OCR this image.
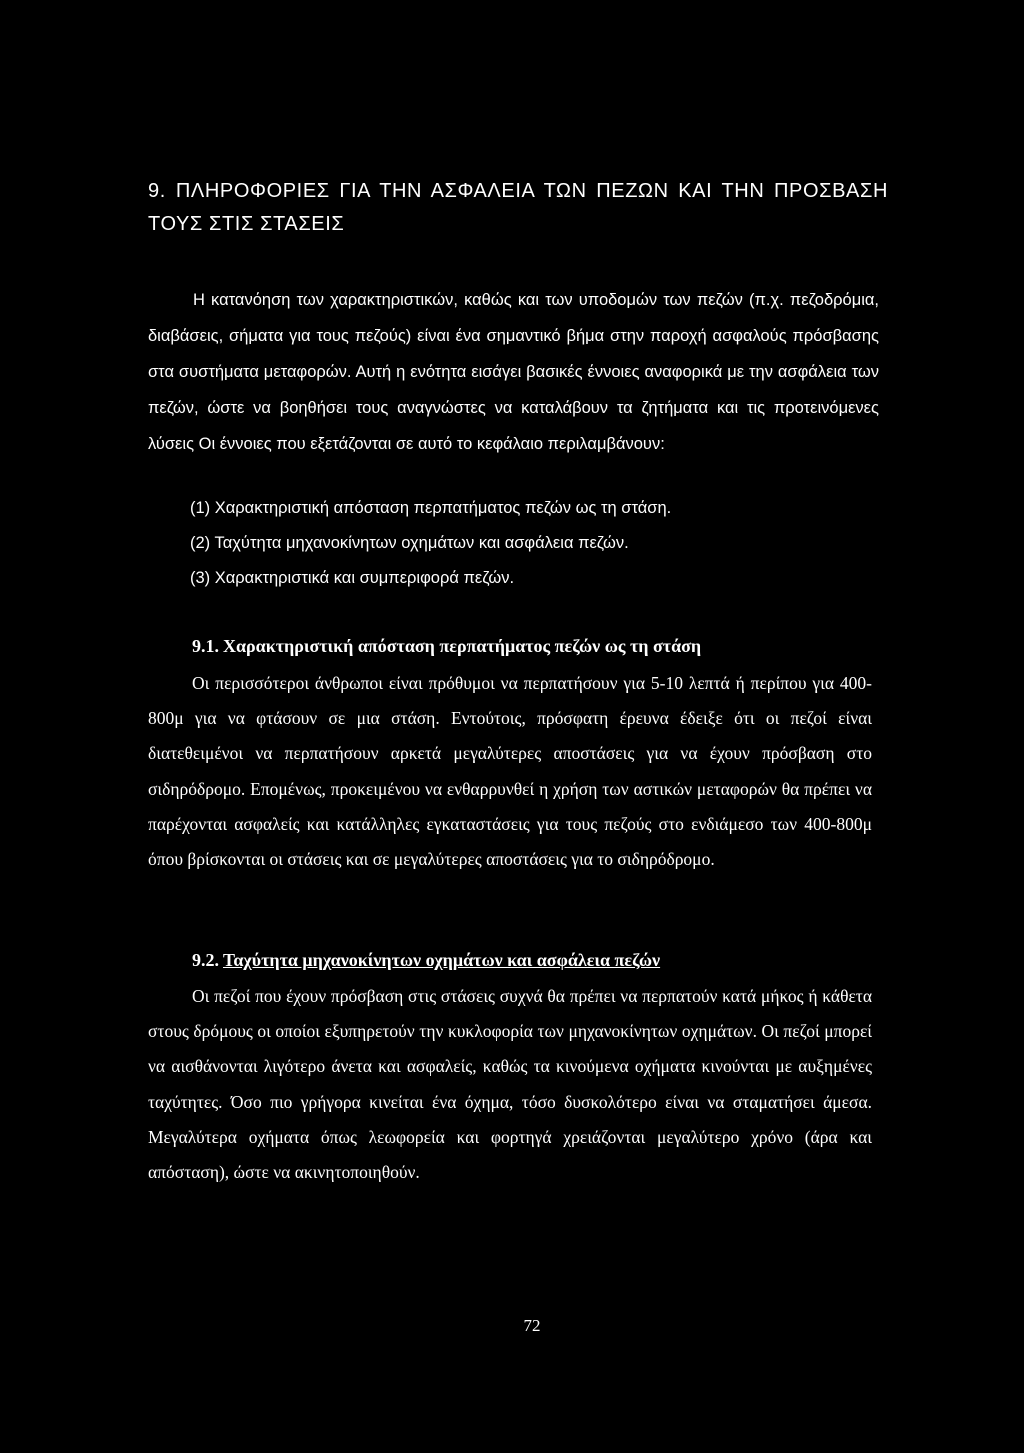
9. ΠΛΗΡΟΦΟΡΙΕΣ ΓΙΑ ΤΗΝ ΑΣΦΑΛΕΙΑ ΤΩΝ ΠΕΖΩΝ ΚΑΙ ΤΗΝ ΠΡΟΣΒΑΣΗ ΤΟΥΣ ΣΤΙΣ ΣΤΑΣΕΙΣ

Η κατανόηση των χαρακτηριστικών, καθώς και των υποδομών των πεζών (π.χ. πεζοδρόμια, διαβάσεις, σήματα για τους πεζούς) είναι ένα σημαντικό βήμα στην παροχή ασφαλούς πρόσβασης στα συστήματα μεταφορών. Αυτή η ενότητα εισάγει βασικές έννοιες αναφορικά με την ασφάλεια των πεζών, ώστε να βοηθήσει τους αναγνώστες να καταλάβουν τα ζητήματα και τις προτεινόμενες λύσεις Οι έννοιες που εξετάζονται σε αυτό το κεφάλαιο περιλαμβάνουν:

(1) Χαρακτηριστική απόσταση περπατήματος πεζών ως τη στάση.
(2) Ταχύτητα μηχανοκίνητων οχημάτων και ασφάλεια πεζών.
(3) Χαρακτηριστικά και συμπεριφορά πεζών.
9.1. Χαρακτηριστική απόσταση περπατήματος πεζών ως τη στάση

Οι περισσότεροι άνθρωποι είναι πρόθυμοι να περπατήσουν για 5-10 λεπτά ή περίπου για 400-800μ για να φτάσουν σε μια στάση. Εντούτοις, πρόσφατη έρευνα έδειξε ότι οι πεζοί είναι διατεθειμένοι να περπατήσουν αρκετά μεγαλύτερες αποστάσεις για να έχουν πρόσβαση στο σιδηρόδρομο. Επομένως, προκειμένου να ενθαρρυνθεί η χρήση των αστικών μεταφορών θα πρέπει να παρέχονται ασφαλείς και κατάλληλες εγκαταστάσεις για τους πεζούς στο ενδιάμεσο των 400-800μ όπου βρίσκονται οι στάσεις και σε μεγαλύτερες αποστάσεις για το σιδηρόδρομο.

9.2. Ταχύτητα μηχανοκίνητων οχημάτων και ασφάλεια πεζών

Οι πεζοί που έχουν πρόσβαση στις στάσεις συχνά θα πρέπει να περπατούν κατά μήκος ή κάθετα στους δρόμους οι οποίοι εξυπηρετούν την κυκλοφορία των μηχανοκίνητων οχημάτων. Οι πεζοί μπορεί να αισθάνονται λιγότερο άνετα και ασφαλείς, καθώς τα κινούμενα οχήματα κινούνται με αυξημένες ταχύτητες. Όσο πιο γρήγορα κινείται ένα όχημα, τόσο δυσκολότερο είναι να σταματήσει άμεσα. Μεγαλύτερα οχήματα όπως λεωφορεία και φορτηγά χρειάζονται μεγαλύτερο χρόνο (άρα και απόσταση), ώστε να ακινητοποιηθούν.

72
